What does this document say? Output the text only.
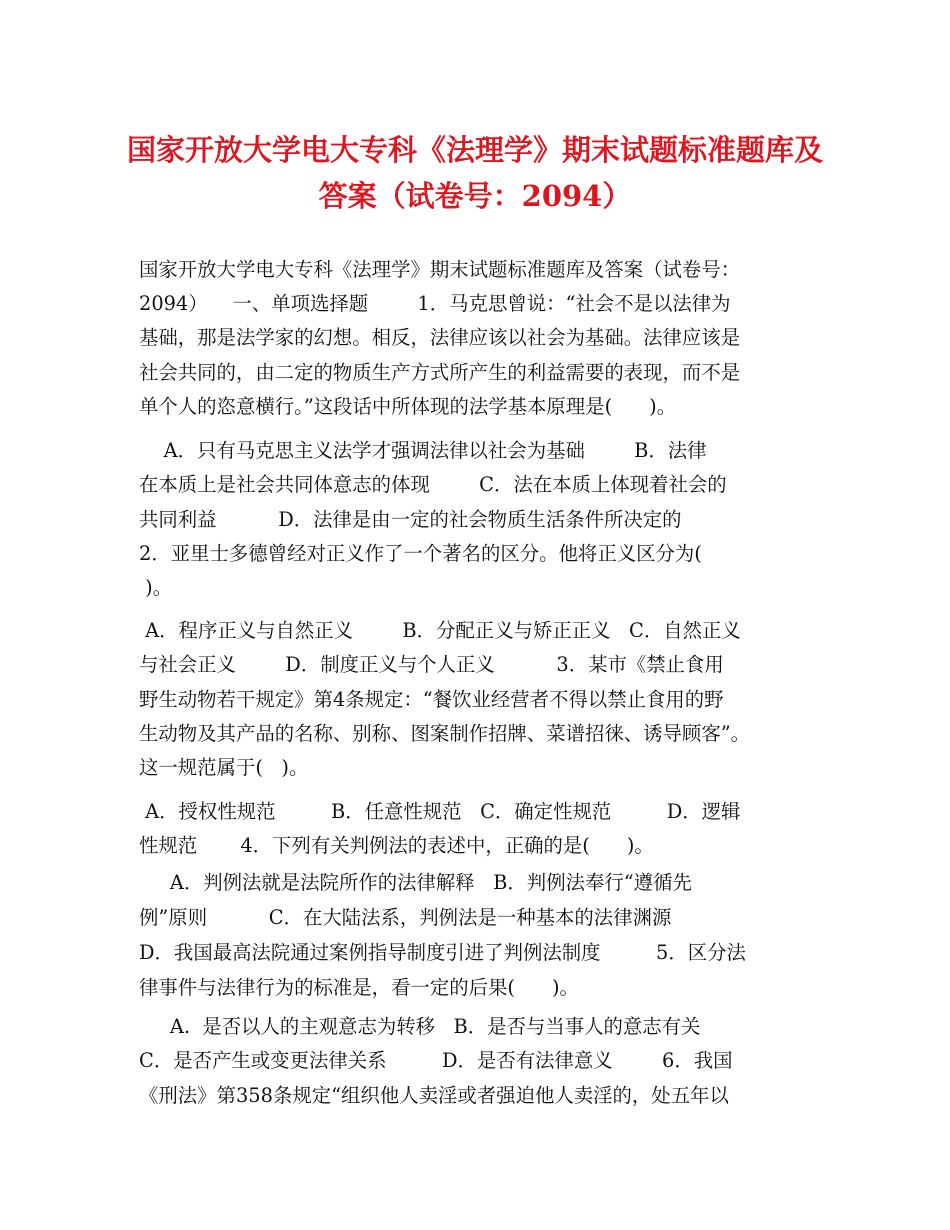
国家开放大学电大专科《法理学》期末试题标准题库及
答案（试卷号：2094）
国家开放大学电大专科《法理学》期末试题标准题库及答案（试卷号：
2094）    一、单项选择题        1．马克思曾说：“社会不是以法律为
基础，那是法学家的幻想。相反，法律应该以社会为基础。法律应该是
社会共同的，由二定的物质生产方式所产生的利益需要的表现，而不是
单个人的恣意横行。”这段话中所体现的法学基本原理是(      )。
A．只有马克思主义法学才强调法律以社会为基础        B．法律
在本质上是社会共同体意志的体现        C．法在本质上体现着社会的
共同利益          D．法律是由一定的社会物质生活条件所决定的
2．亚里士多德曾经对正义作了一个著名的区分。他将正义区分为(
)。
A．程序正义与自然正义        B．分配正义与矫正正义   C．自然正义
与社会正义        D．制度正义与个人正义          3．某市《禁止食用
野生动物若干规定》第4条规定：“餐饮业经营者不得以禁止食用的野
生动物及其产品的名称、别称、图案制作招牌、菜谱招徕、诱导顾客”。
这一规范属于(   )。
A．授权性规范         B．任意性规范   C．确定性规范         D．逻辑
性规范       4．下列有关判例法的表述中，正确的是(      )。
A．判例法就是法院所作的法律解释   B．判例法奉行“遵循先
例”原则          C．在大陆法系，判例法是一种基本的法律渊源
D．我国最高法院通过案例指导制度引进了判例法制度         5．区分法
律事件与法律行为的标准是，看一定的后果(      )。
A.  是否以人的主观意志为转移   B．是否与当事人的意志有关
C．是否产生或变更法律关系         D．是否有法律意义        6．我国
《刑法》第358条规定“组织他人卖淫或者强迫他人卖淫的，处五年以
